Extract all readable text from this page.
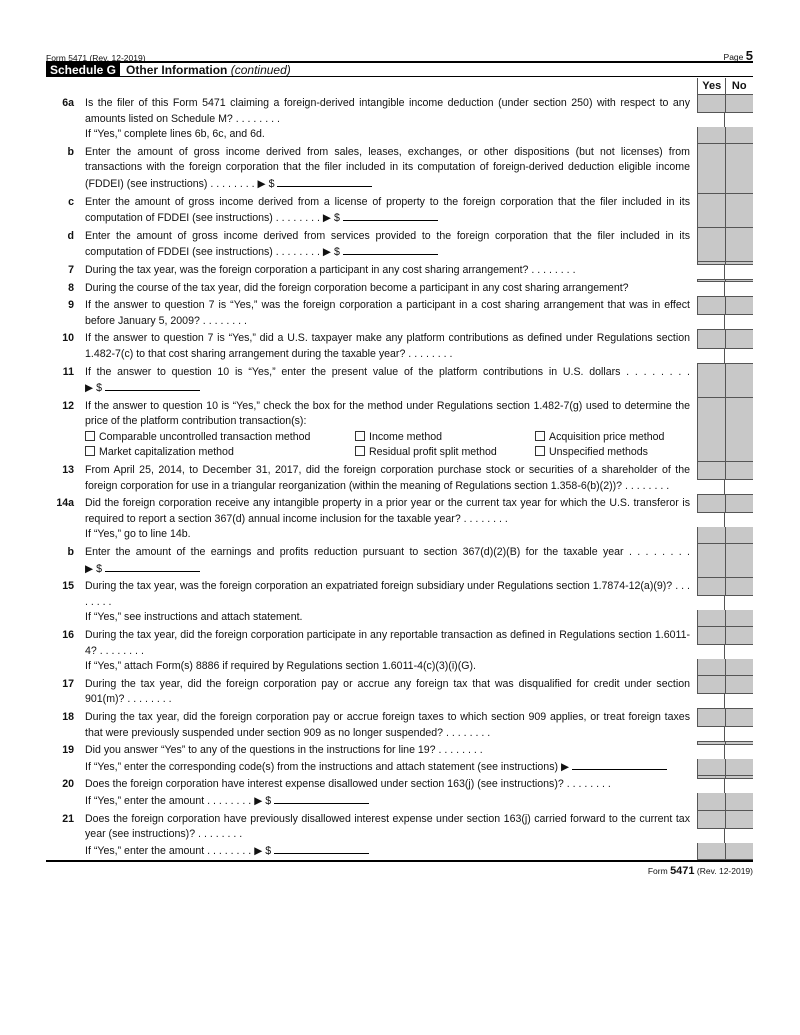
Form 5471 (Rev. 12-2019)	Page 5
Schedule G Other Information (continued)
Yes No
6a Is the filer of this Form 5471 claiming a foreign-derived intangible income deduction (under section 250) with respect to any amounts listed on Schedule M? . .
If “Yes,” complete lines 6b, 6c, and 6d.
b Enter the amount of gross income derived from sales, leases, exchanges, or other dispositions (but not licenses) from transactions with the foreign corporation that the filer included in its computation of foreign-derived deduction eligible income (FDDEI) (see instructions) . .	▶ $
c Enter the amount of gross income derived from a license of property to the foreign corporation that the filer included in its computation of FDDEI (see instructions) . .	▶ $
d Enter the amount of gross income derived from services provided to the foreign corporation that the filer included in its computation of FDDEI (see instructions) . .	▶ $
7 During the tax year, was the foreign corporation a participant in any cost sharing arrangement? . .
8 During the course of the tax year, did the foreign corporation become a participant in any cost sharing arrangement?
9 If the answer to question 7 is “Yes,” was the foreign corporation a participant in a cost sharing arrangement that was in effect before January 5, 2009? . .
10 If the answer to question 7 is “Yes,” did a U.S. taxpayer make any platform contributions as defined under Regulations section 1.482-7(c) to that cost sharing arrangement during the taxable year? . .
11 If the answer to question 10 is “Yes,” enter the present value of the platform contributions in U.S. dollars . .  ▶ $
12 If the answer to question 10 is “Yes,” check the box for the method under Regulations section 1.482-7(g) used to determine the price of the platform contribution transaction(s):
Comparable uncontrolled transaction method	Income method	Acquisition price method
Market capitalization method	Residual profit split method	Unspecified methods
13 From April 25, 2014, to December 31, 2017, did the foreign corporation purchase stock or securities of a shareholder of the foreign corporation for use in a triangular reorganization (within the meaning of Regulations section 1.358-6(b)(2))? . .
14a Did the foreign corporation receive any intangible property in a prior year or the current tax year for which the U.S. transferor is required to report a section 367(d) annual income inclusion for the taxable year? . .
If “Yes,” go to line 14b.
b Enter the amount of the earnings and profits reduction pursuant to section 367(d)(2)(B) for the taxable year . .  ▶ $
15 During the tax year, was the foreign corporation an expatriated foreign subsidiary under Regulations section 1.7874-12(a)(9)? . .
If “Yes,” see instructions and attach statement.
16 During the tax year, did the foreign corporation participate in any reportable transaction as defined in Regulations section 1.6011-4? . .
If “Yes,” attach Form(s) 8886 if required by Regulations section 1.6011-4(c)(3)(i)(G).
17 During the tax year, did the foreign corporation pay or accrue any foreign tax that was disqualified for credit under section 901(m)? . .
18 During the tax year, did the foreign corporation pay or accrue foreign taxes to which section 909 applies, or treat foreign taxes that were previously suspended under section 909 as no longer suspended? . .
19 Did you answer “Yes” to any of the questions in the instructions for line 19? . .
If “Yes,” enter the corresponding code(s) from the instructions and attach statement (see instructions) ▶
20 Does the foreign corporation have interest expense disallowed under section 163(j) (see instructions)? . .
If “Yes,” enter the amount . .	▶ $
21 Does the foreign corporation have previously disallowed interest expense under section 163(j) carried forward to the current tax year (see instructions)? . .
If “Yes,” enter the amount . .	▶ $
Form 5471 (Rev. 12-2019)
